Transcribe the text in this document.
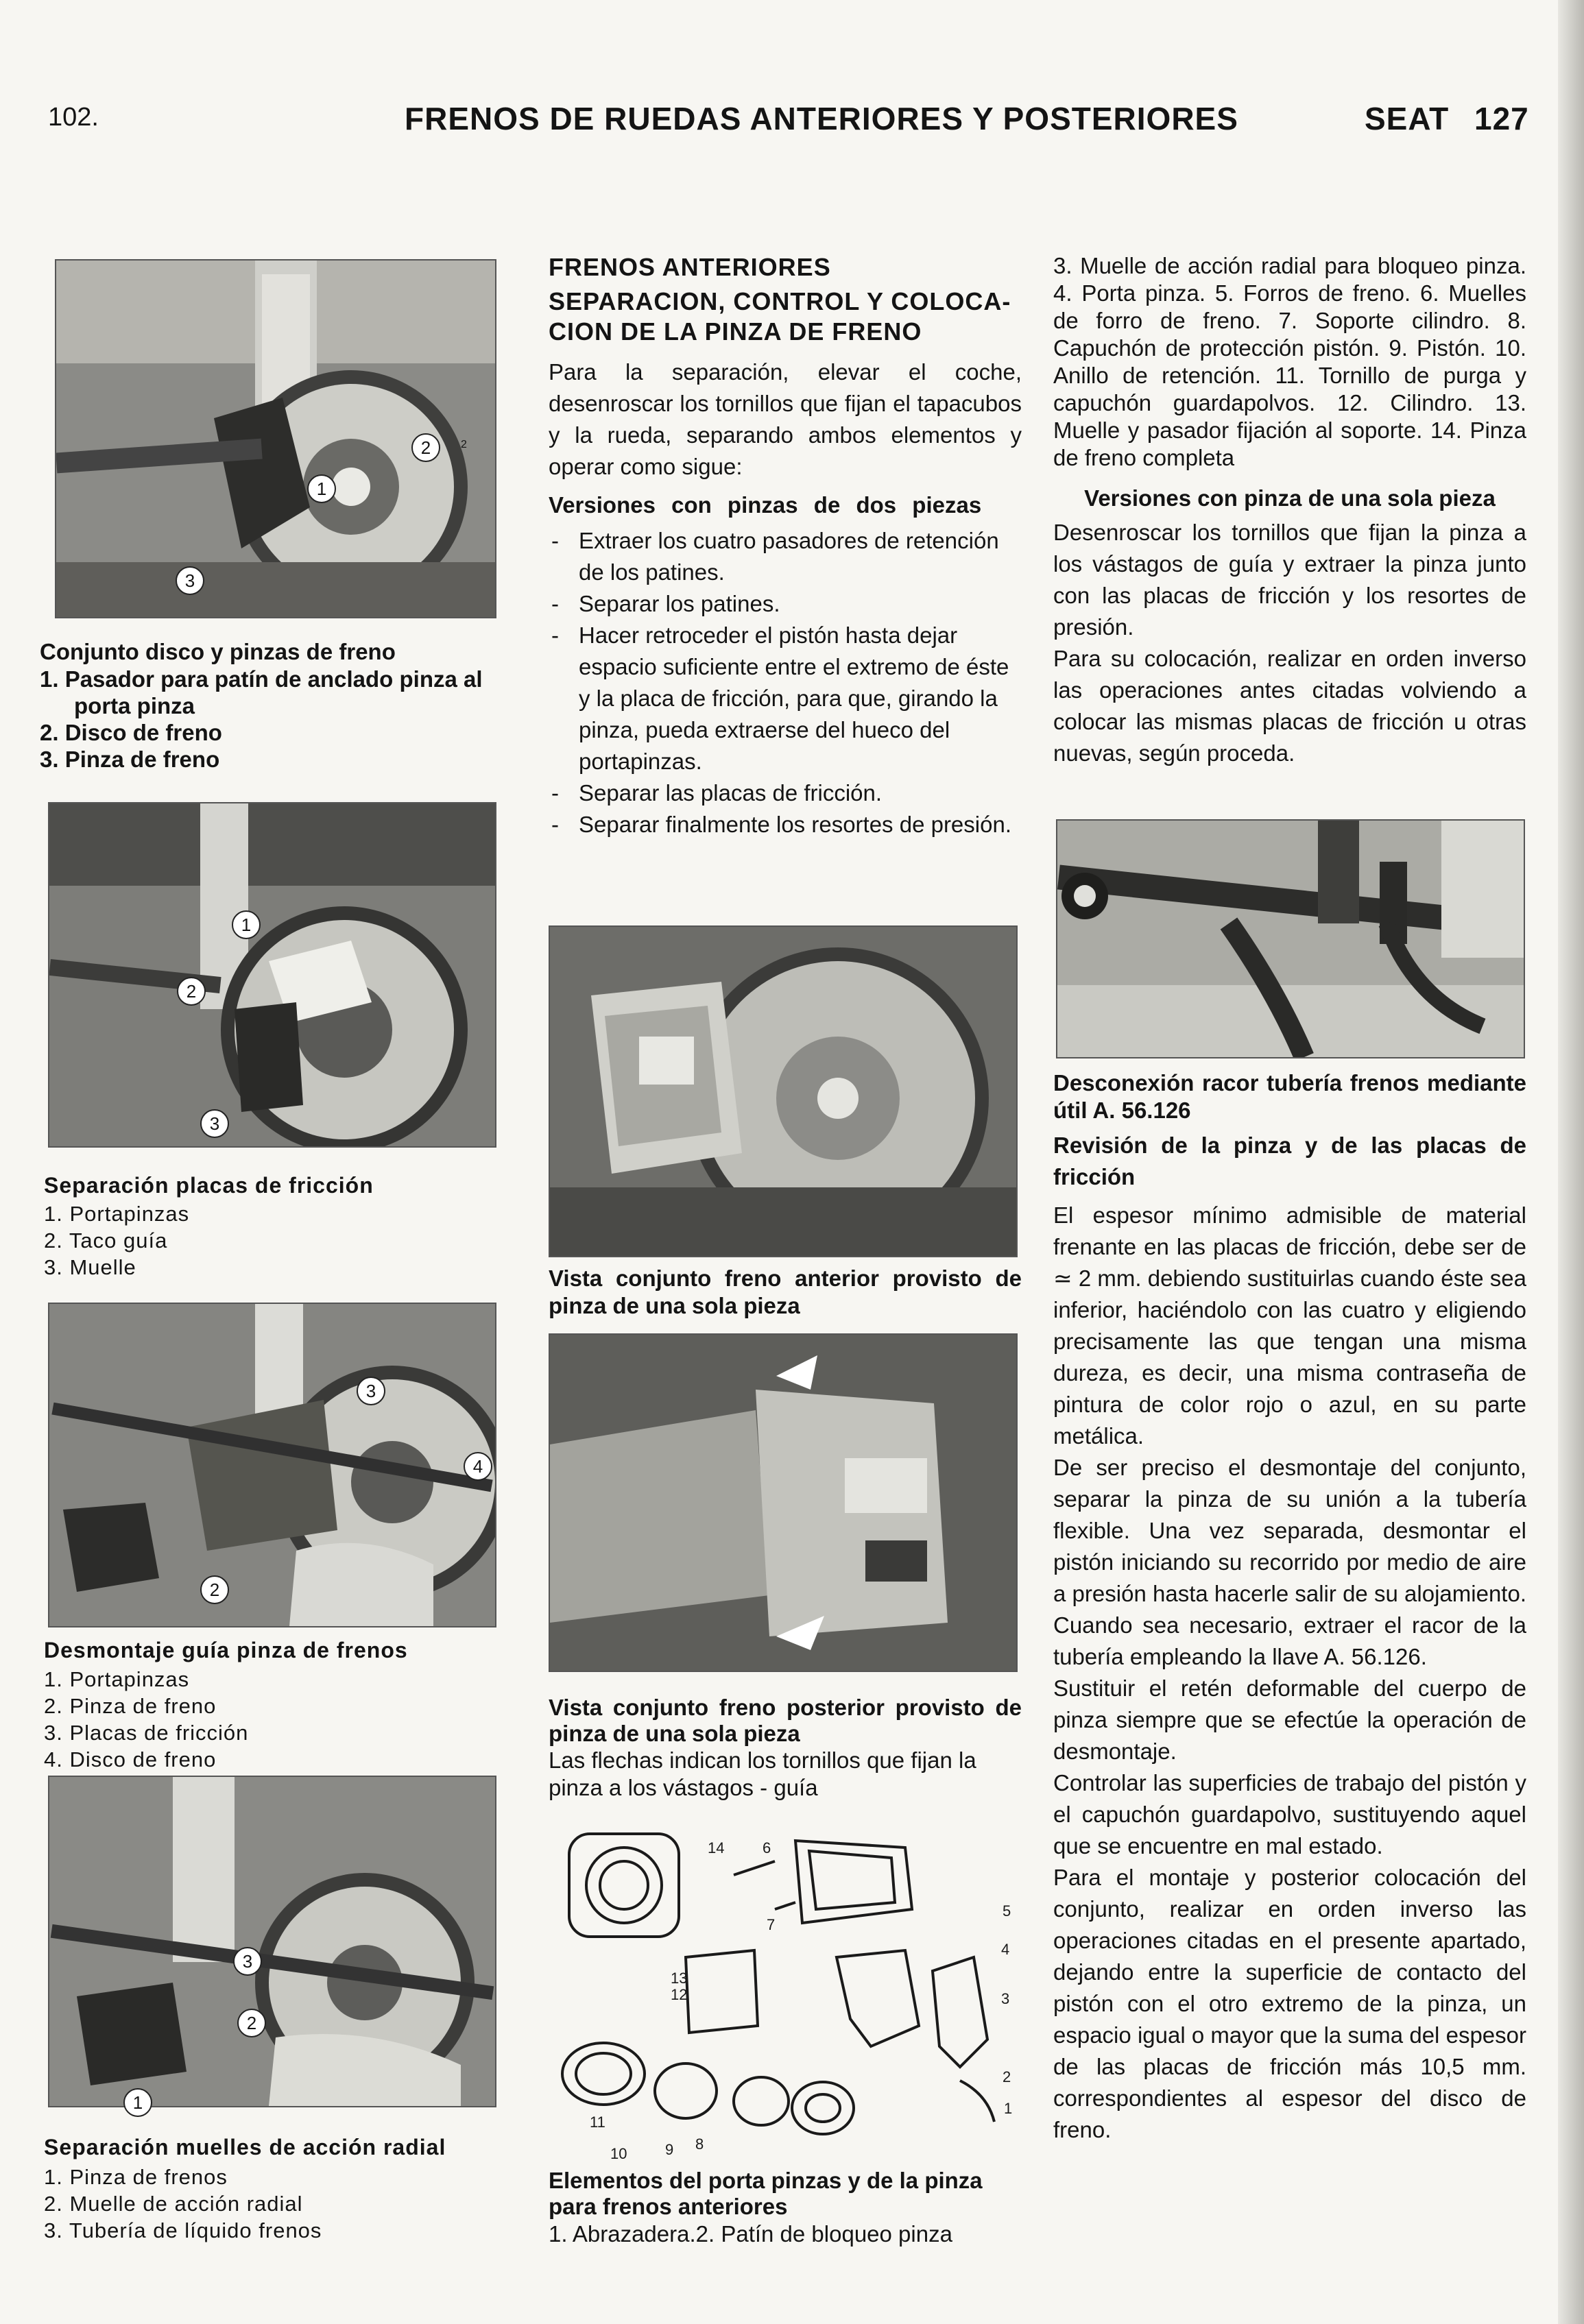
102.	FRENOS DE RUEDAS ANTERIORES Y POSTERIORES	SEAT 127
2
2
1
3
Conjunto disco y pinzas de freno
1. Pasador para patín de anclado pinza al porta pinza
2. Disco de freno
3. Pinza de freno
1
2
3
Separación placas de fricción
1. Portapinzas
2. Taco guía
3. Muelle
3
4
2
Desmontaje guía pinza de frenos
1. Portapinzas
2. Pinza de freno
3. Placas de fricción
4. Disco de freno
3
2
1
Separación muelles de acción radial
1. Pinza de frenos
2. Muelle de acción radial
3. Tubería de líquido frenos
FRENOS ANTERIORES
SEPARACION, CONTROL Y COLOCA-CION DE LA PINZA DE FRENO

Para la separación, elevar el coche, desenroscar los tornillos que fijan el tapacubos y la rueda, separando ambos elementos y operar como sigue:

Versiones con pinzas de dos piezas
- Extraer los cuatro pasadores de retención de los patines.
- Separar los patines.
- Hacer retroceder el pistón hasta dejar espacio suficiente entre el extremo de éste y la placa de fricción, para que, girando la pinza, pueda extraerse del hueco del portapinzas.
- Separar las placas de fricción.
- Separar finalmente los resortes de presión.
Vista conjunto freno anterior provisto de pinza de una sola pieza
Vista conjunto freno posterior provisto de pinza de una sola pieza
Las flechas indican los tornillos que fijan la pinza a los vástagos - guía
14	6
7
5
4
13
12	3
11
2
1
10	9 8
Elementos del porta pinzas y de la pinza para frenos anteriores
1. Abrazadera.2. Patín de bloqueo pinza

3. Muelle de acción radial para bloqueo pinza. 4. Porta pinza. 5. Forros de freno. 6. Muelles de forro de freno. 7. Soporte cilindro. 8. Capuchón de protección pistón. 9. Pistón. 10. Anillo de retención. 11. Tornillo de purga y capuchón guardapolvos. 12. Cilindro. 13. Muelle y pasador fijación al soporte. 14. Pinza de freno completa

Versiones con pinza de una sola pieza

Desenroscar los tornillos que fijan la pinza a los vástagos de guía y extraer la pinza junto con las placas de fricción y los resortes de presión.

Para su colocación, realizar en orden inverso las operaciones antes citadas volviendo a colocar las mismas placas de fricción u otras nuevas, según proceda.

Desconexión racor tubería frenos mediante útil A. 56.126
Revisión de la pinza y de las placas de fricción

El espesor mínimo admisible de material frenante en las placas de fricción, debe ser de ≃ 2 mm. debiendo sustituirlas cuando éste sea inferior, haciéndolo con las cuatro y eligiendo precisamente las que tengan una misma dureza, es decir, una misma contraseña de pintura de color rojo o azul, en su parte metálica.

De ser preciso el desmontaje del conjunto, separar la pinza de su unión a la tubería flexible. Una vez separada, desmontar el pistón iniciando su recorrido por medio de aire a presión hasta hacerle salir de su alojamiento. Cuando sea necesario, extraer el racor de la tubería empleando la llave A. 56.126.

Sustituir el retén deformable del cuerpo de pinza siempre que se efectúe la operación de desmontaje.

Controlar las superficies de trabajo del pistón y el capuchón guardapolvo, sustituyendo aquel que se encuentre en mal estado.

Para el montaje y posterior colocación del conjunto, realizar en orden inverso las operaciones citadas en el presente apartado, dejando entre la superficie de contacto del pistón con el otro extremo de la pinza, un espacio igual o mayor que la suma del espesor de las placas de fricción más 10,5 mm. correspondientes al espesor del disco de freno.
